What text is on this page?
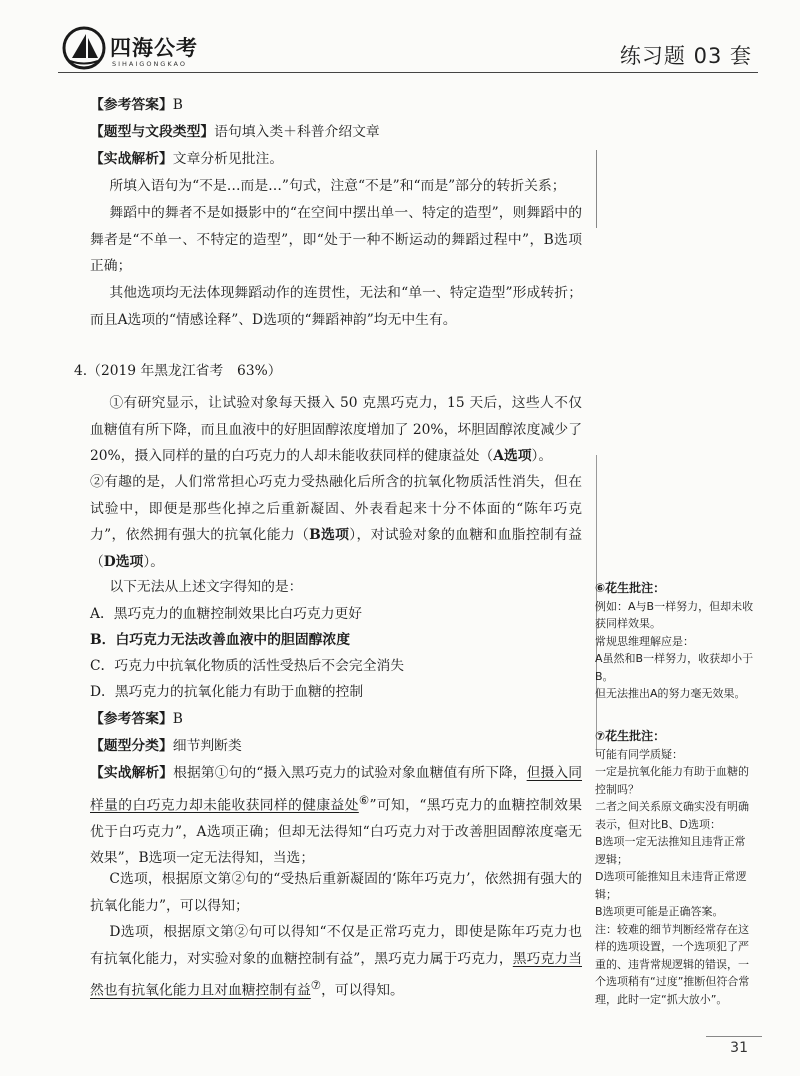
四海公考
SIHAIGONGKAO	练习题 03 套
【参考答案】B
【题型与文段类型】语句填入类＋科普介绍文章
【实战解析】文章分析见批注。
所填入语句为“不是…而是…”句式，注意“不是”和“而是”部分的转折关系；
舞蹈中的舞者不是如摄影中的“在空间中摆出单一、特定的造型”，则舞蹈中的舞者是“不单一、不特定的造型”，即“处于一种不断运动的舞蹈过程中”，B选项正确；
其他选项均无法体现舞蹈动作的连贯性，无法和“单一、特定造型”形成转折；而且A选项的“情感诠释”、D选项的“舞蹈神韵”均无中生有。
4.（2019 年黑龙江省考　63%）
①有研究显示，让试验对象每天摄入 50 克黑巧克力，15 天后，这些人不仅血糖值有所下降，而且血液中的好胆固醇浓度增加了 20%，坏胆固醇浓度减少了 20%，摄入同样的量的白巧克力的人却未能收获同样的健康益处（A选项）。
②有趣的是，人们常常担心巧克力受热融化后所含的抗氧化物质活性消失，但在试验中，即便是那些化掉之后重新凝固、外表看起来十分不体面的“陈年巧克力”，依然拥有强大的抗氧化能力（B选项），对试验对象的血糖和血脂控制有益（D选项）。
以下无法从上述文字得知的是：
A．黑巧克力的血糖控制效果比白巧克力更好
B．白巧克力无法改善血液中的胆固醇浓度
C．巧克力中抗氧化物质的活性受热后不会完全消失
D．黑巧克力的抗氧化能力有助于血糖的控制
【参考答案】B
【题型分类】细节判断类
【实战解析】根据第①句的“摄入黑巧克力的试验对象血糖值有所下降，但摄入同样量的白巧克力却未能收获同样的健康益处⑥”可知，“黑巧克力的血糖控制效果优于白巧克力”，A选项正确；但却无法得知“白巧克力对于改善胆固醇浓度毫无效果”，B选项一定无法得知，当选；
C选项，根据原文第②句的“受热后重新凝固的‘陈年巧克力’，依然拥有强大的抗氧化能力”，可以得知；
D选项，根据原文第②句可以得知“不仅是正常巧克力，即使是陈年巧克力也有抗氧化能力，对实验对象的血糖控制有益”，黑巧克力属于巧克力，黑巧克力当然也有抗氧化能力且对血糖控制有益⑦，可以得知。
⑥花生批注：
例如：A与B一样努力，但却未收获同样效果。
常规思维理解应是：
A虽然和B一样努力，收获却小于B。
但无法推出A的努力毫无效果。
⑦花生批注：
可能有同学质疑：
一定是抗氧化能力有助于血糖的控制吗？
二者之间关系原文确实没有明确表示，但对比B、D选项：
B选项一定无法推知且违背正常逻辑；
D选项可能推知且未违背正常逻辑；
B选项更可能是正确答案。
注：较难的细节判断经常存在这样的选项设置，一个选项犯了严重的、违背常规逻辑的错误，一个选项稍有“过度”推断但符合常理，此时一定“抓大放小”。
31
